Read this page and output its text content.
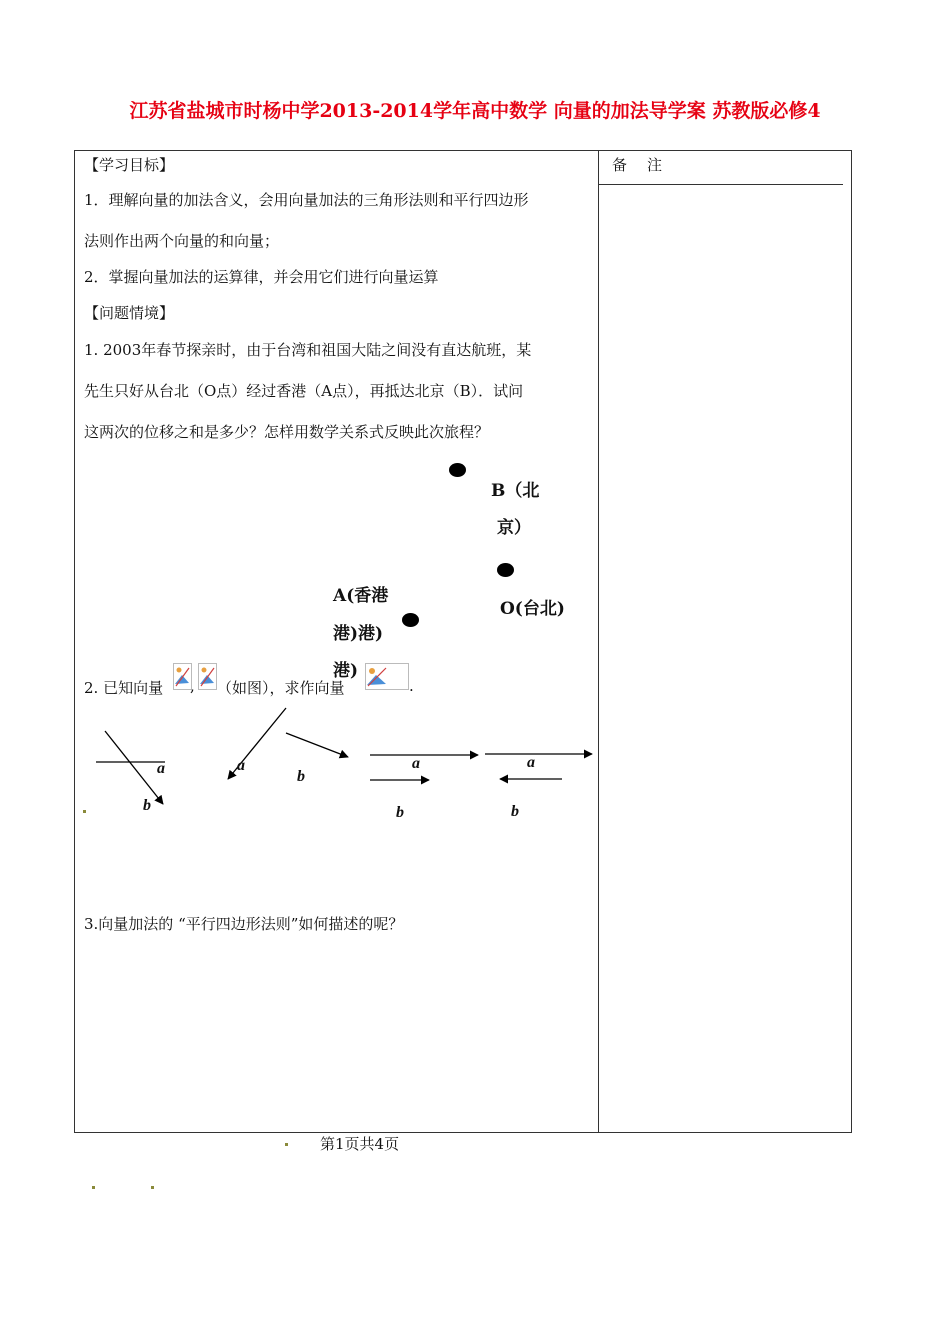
江苏省盐城市时杨中学2013-2014学年高中数学 向量的加法导学案 苏教版必修4
备注
【学习目标】
1．理解向量的加法含义，会用向量加法的三角形法则和平行四边形
法则作出两个向量的和向量；
2．掌握向量加法的运算律，并会用它们进行向量运算
【问题情境】
1. 2003年春节探亲时，由于台湾和祖国大陆之间没有直达航班，某
先生只好从台北（O点）经过香港（A点），再抵达北京（B）．试问
这两次的位移之和是多少？怎样用数学关系式反映此次旅程？
B（北
京）
O(台北)
A(香港
港)港)
港)
2. 已知向量 , （如图），求作向量	.
a
b
a
b
a
b
a
b
3.向量加法的 “平行四边形法则”如何描述的呢？
第1页共4页
